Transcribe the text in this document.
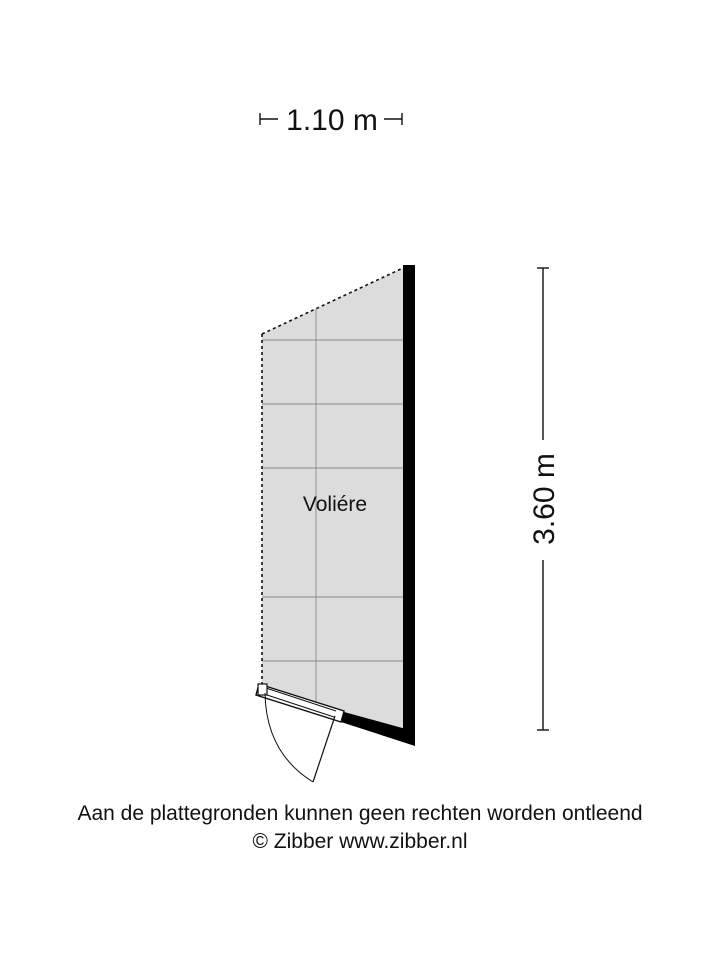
1.10 m
3.60 m
Voliére
Aan de plattegronden kunnen geen rechten worden ontleend
© Zibber www.zibber.nl
